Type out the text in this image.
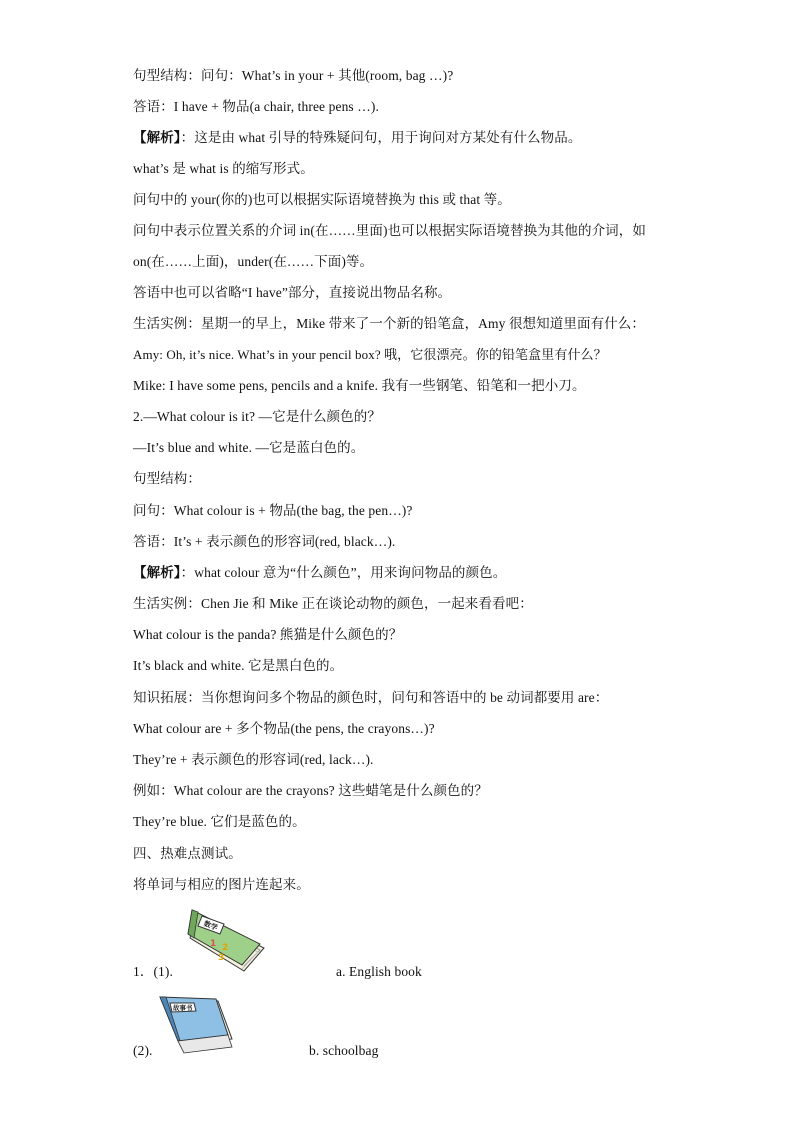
句型结构：问句：What’s in your + 其他(room, bag …)?
答语：I have + 物品(a chair, three pens …).
【解析】：这是由 what 引导的特殊疑问句，用于询问对方某处有什么物品。
what’s 是 what is 的缩写形式。
问句中的 your(你的)也可以根据实际语境替换为 this 或 that 等。
问句中表示位置关系的介词 in(在……里面)也可以根据实际语境替换为其他的介词，如
on(在……上面)，under(在……下面)等。
答语中也可以省略“I have”部分，直接说出物品名称。
生活实例：星期一的早上，Mike 带来了一个新的铅笔盒，Amy 很想知道里面有什么：
Amy: Oh, it’s nice. What’s in your pencil box? 哦，它很漂亮。你的铅笔盒里有什么？
Mike: I have some pens, pencils and a knife. 我有一些钢笔、铅笔和一把小刀。
2.—What colour is it? —它是什么颜色的？
—It’s blue and white. —它是蓝白色的。
句型结构：
问句：What colour is + 物品(the bag, the pen…)?
答语：It’s + 表示颜色的形容词(red, black…).
【解析】：what colour 意为“什么颜色”，用来询问物品的颜色。
生活实例：Chen Jie 和 Mike 正在谈论动物的颜色，一起来看看吧：
What colour is the panda? 熊猫是什么颜色的？
It’s black and white. 它是黑白色的。
知识拓展：当你想询问多个物品的颜色时，问句和答语中的 be 动词都要用 are：
What colour are + 多个物品(the pens, the crayons…)?
They’re + 表示颜色的形容词(red, lack…).
例如：What colour are the crayons? 这些蜡笔是什么颜色的？
They’re blue. 它们是蓝色的。
四、热难点测试。
将单词与相应的图片连起来。
1．(1).	a. English book
数学
1 2
3
(2).	b. schoolbag
故事书
